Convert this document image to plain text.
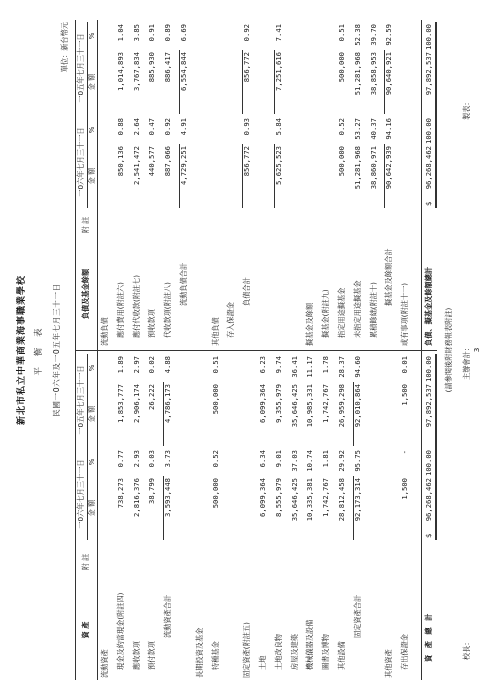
新北市私立中華商業海事職業學校 平 衡 表 民國一0六年及一0五年七月三十一日
單位：新台幣元
資 產
附 註
一0六年七月三十一日
一0五年七月三十一日
金 額
%
金 額
%
負債及基金餘額
附 註
一0六年七月三十一日
一0五年七月三十一日
金 額
%
金 額
%
流動資產 現金及約當現金(附註四)
738,273
0.77
1,853,777
1.89
應收款項
2,816,376
2.93
2,906,174
2.97
預付款項
38,799
0.03
26,222
0.02
流動資產合計
3,593,448
3.73
4,786,173
4.88
長期投資及基金 特種基金
500,000
0.52
500,000
0.51
固定資產(附註五) 土地
6,099,364
6.34
6,099,364
6.23
土地改良物
8,555,979
9.01
9,355,979
9.74
房屋及建築
35,646,425
37.03
35,646,425
36.41
機械儀器及設備
10,335,381
10.74
10,985,331
11.17
圖書及博物
1,742,767
1.81
1,742,767
1.78
其他設備
28,812,458
29.92
26,959,298
28.37
固定資產合計
92,173,314
95.75
92,010,864
94.60
其他資產 存出保證金
1,500
-
1,500
0.01
流動負債 應付費用(附註六)
850,136
0.88
1,014,893
1.04
應付代收款(附註七)
2,541,472
2.64
3,767,834
3.85
預收款項
440,577
0.47
885,930
0.91
代收款項(附註八)
887,066
0.92
886,417
0.89
流動負債合計
4,729,251
4.91
6,554,844
6.69
其他負債 存入保證金
負債合計
856,772
0.93
856,772
0.92
5,625,523
5.84
7,251,616
7.41
擬基金及餘額 擬基金(附註九) 指定用途擬基金
500,000
0.52
500,000
0.51
未指定用途擬基金
51,281,968
53.27
51,281,968
52.38
累積餘絀(附註十)
38,860,971
40.37
38,858,953
39.70
擬基金及餘額合計
90,642,939
94.16
90,640,921
92.59
或有事項(附註十一)
資 產 總 計
$
96,268,462
100.00
97,892,537
100.00
負債、擬基金及餘額總計
$
96,268,462
100.00
97,892,537
100.00
(請參閱後附財務報表附註)
校長：
主辦會計：
製表：
3
